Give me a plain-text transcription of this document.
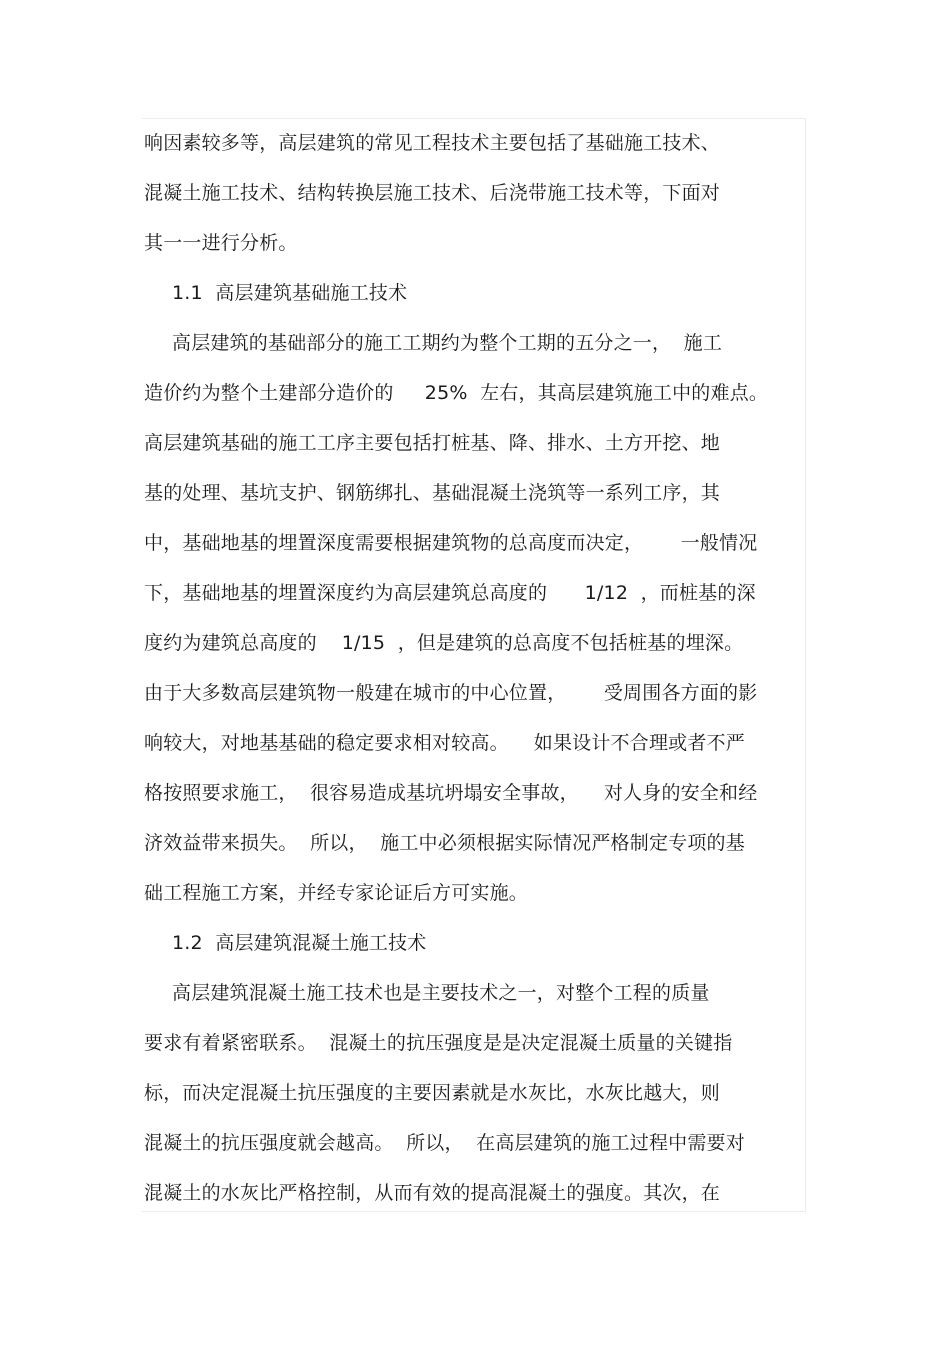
响因素较多等，高层建筑的常见工程技术主要包括了基础施工技术、
混凝土施工技术、结构转换层施工技术、后浇带施工技术等，下面对
其一一进行分析。
1.1  高层建筑基础施工技术
高层建筑的基础部分的施工工期约为整个工期的五分之一，  施工
造价约为整个土建部分造价的     25%  左右，其高层建筑施工中的难点。
高层建筑基础的施工工序主要包括打桩基、降、排水、土方开挖、地
基的处理、基坑支护、钢筋绑扎、基础混凝土浇筑等一系列工序，其
中，基础地基的埋置深度需要根据建筑物的总高度而决定，      一般情况
下，基础地基的埋置深度约为高层建筑总高度的      1/12  ，而桩基的深
度约为建筑总高度的    1/15  ，但是建筑的总高度不包括桩基的埋深。
由于大多数高层建筑物一般建在城市的中心位置，      受周围各方面的影
响较大，对地基基础的稳定要求相对较高。    如果设计不合理或者不严
格按照要求施工，  很容易造成基坑坍塌安全事故，    对人身的安全和经
济效益带来损失。  所以，  施工中必须根据实际情况严格制定专项的基
础工程施工方案，并经专家论证后方可实施。
1.2  高层建筑混凝土施工技术
高层建筑混凝土施工技术也是主要技术之一，对整个工程的质量
要求有着紧密联系。  混凝土的抗压强度是是决定混凝土质量的关键指
标，而决定混凝土抗压强度的主要因素就是水灰比，水灰比越大，则
混凝土的抗压强度就会越高。  所以，  在高层建筑的施工过程中需要对
混凝土的水灰比严格控制，从而有效的提高混凝土的强度。其次，在
